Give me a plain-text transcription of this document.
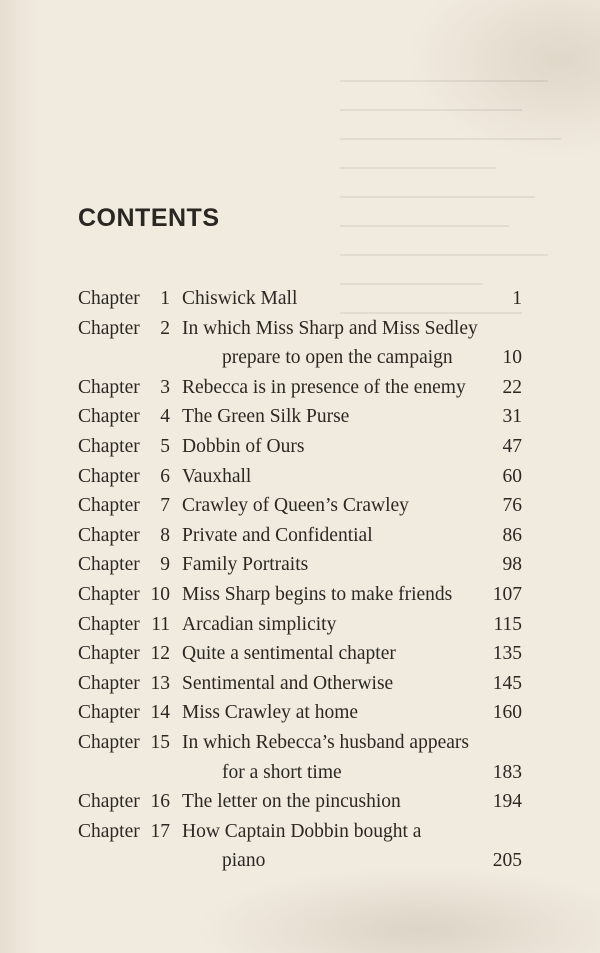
CONTENTS
Chapter	1 Chiswick Mall	1
Chapter	2 In which Miss Sharp and Miss Sedley
prepare to open the campaign	10
Chapter	3 Rebecca is in presence of the enemy 22
Chapter	4 The Green Silk Purse	31
Chapter	5 Dobbin of Ours	47
Chapter	6 Vauxhall	60
Chapter	7 Crawley of Queen’s Crawley	76
Chapter	8 Private and Confidential	86
Chapter	9 Family Portraits	98
Chapter 10 Miss Sharp begins to make friends 107
Chapter 11 Arcadian simplicity	115
Chapter 12 Quite a sentimental chapter	135
Chapter 13 Sentimental and Otherwise	145
Chapter 14 Miss Crawley at home	160
Chapter 15 In which Rebecca’s husband appears
for a short time	183
Chapter 16 The letter on the pincushion	194
Chapter 17 How Captain Dobbin bought a
piano	205
